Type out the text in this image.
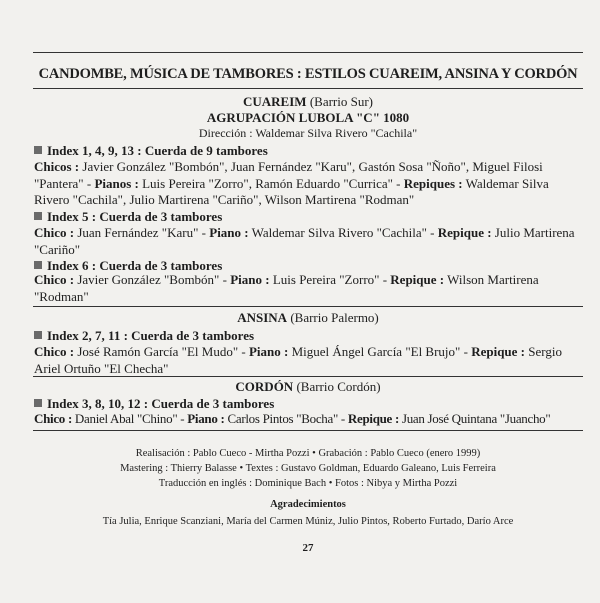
CANDOMBE, MÚSICA DE TAMBORES : ESTILOS CUAREIM, ANSINA Y CORDÓN
CUAREIM (Barrio Sur)
AGRUPACIÓN LUBOLA "C" 1080
Dirección : Waldemar Silva Rivero "Cachila"
Index 1, 4, 9, 13 : Cuerda de 9 tambores
Chicos : Javier González "Bombón", Juan Fernández "Karu", Gastón Sosa "Ñoño", Miguel Filosi "Pantera" - Pianos : Luis Pereira "Zorro", Ramón Eduardo "Currica" - Repiques : Waldemar Silva Rivero "Cachila", Julio Martirena "Cariño", Wilson Martirena "Rodman"
Index 5 : Cuerda de 3 tambores
Chico : Juan Fernández "Karu" - Piano : Waldemar Silva Rivero "Cachila" - Repique : Julio Martirena "Cariño"
Index 6 : Cuerda de 3 tambores
Chico : Javier González "Bombón" - Piano : Luis Pereira "Zorro" - Repique : Wilson Martirena "Rodman"
ANSINA (Barrio Palermo)
Index 2, 7, 11 : Cuerda de 3 tambores
Chico : José Ramón García "El Mudo" - Piano : Miguel Ángel García "El Brujo" - Repique : Sergio Ariel Ortuño "El Checha"
CORDÓN (Barrio Cordón)
Index 3, 8, 10, 12 : Cuerda de 3 tambores
Chico : Daniel Abal "Chino" - Piano : Carlos Pintos "Bocha" - Repique : Juan José Quintana "Juancho"
Realisación : Pablo Cueco - Mirtha Pozzi • Grabación : Pablo Cueco (enero 1999)
Mastering : Thierry Balasse • Textes : Gustavo Goldman, Eduardo Galeano, Luis Ferreira
Traducción en inglés : Dominique Bach • Fotos : Nibya y Mirtha Pozzi
Agradecimientos
Tía Julia, Enrique Scanziani, María del Carmen Múniz, Julio Pintos, Roberto Furtado, Darío Arce
27
